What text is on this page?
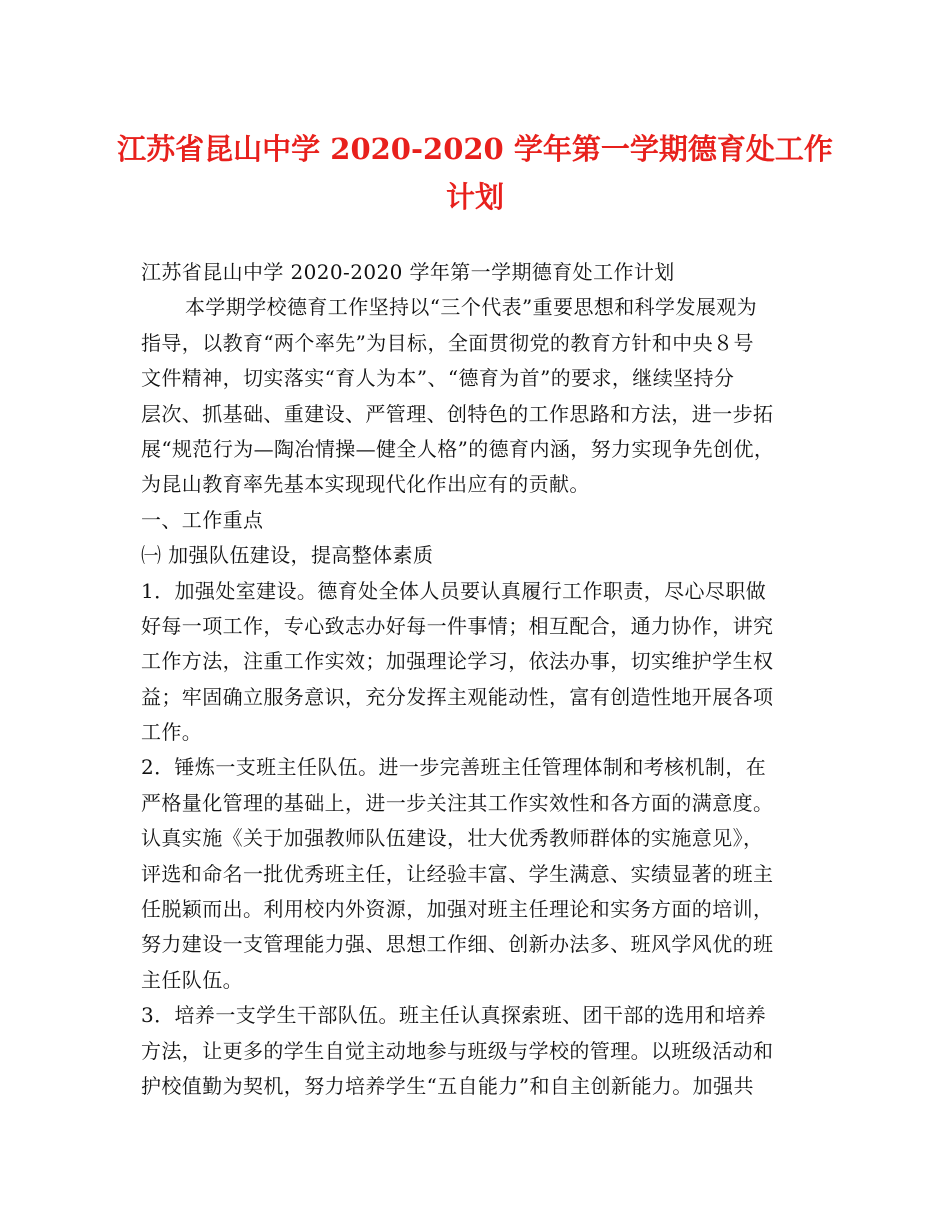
江苏省昆山中学 2020-2020 学年第一学期德育处工作
计划
江苏省昆山中学 2020-2020 学年第一学期德育处工作计划
本学期学校德育工作坚持以“三个代表”重要思想和科学发展观为
指导，以教育“两个率先”为目标，全面贯彻党的教育方针和中央８号
文件精神，切实落实“育人为本”、“德育为首”的要求，继续坚持分
层次、抓基础、重建设、严管理、创特色的工作思路和方法，进一步拓
展“规范行为—陶冶情操—健全人格”的德育内涵，努力实现争先创优，
为昆山教育率先基本实现现代化作出应有的贡献。
一、工作重点
㈠ 加强队伍建设，提高整体素质
1．加强处室建设。德育处全体人员要认真履行工作职责，尽心尽职做
好每一项工作，专心致志办好每一件事情；相互配合，通力协作，讲究
工作方法，注重工作实效；加强理论学习，依法办事，切实维护学生权
益；牢固确立服务意识，充分发挥主观能动性，富有创造性地开展各项
工作。
2．锤炼一支班主任队伍。进一步完善班主任管理体制和考核机制，在
严格量化管理的基础上，进一步关注其工作实效性和各方面的满意度。
认真实施《关于加强教师队伍建设，壮大优秀教师群体的实施意见》，
评选和命名一批优秀班主任，让经验丰富、学生满意、实绩显著的班主
任脱颖而出。利用校内外资源，加强对班主任理论和实务方面的培训，
努力建设一支管理能力强、思想工作细、创新办法多、班风学风优的班
主任队伍。
3．培养一支学生干部队伍。班主任认真探索班、团干部的选用和培养
方法，让更多的学生自觉主动地参与班级与学校的管理。以班级活动和
护校值勤为契机，努力培养学生“五自能力”和自主创新能力。加强共
